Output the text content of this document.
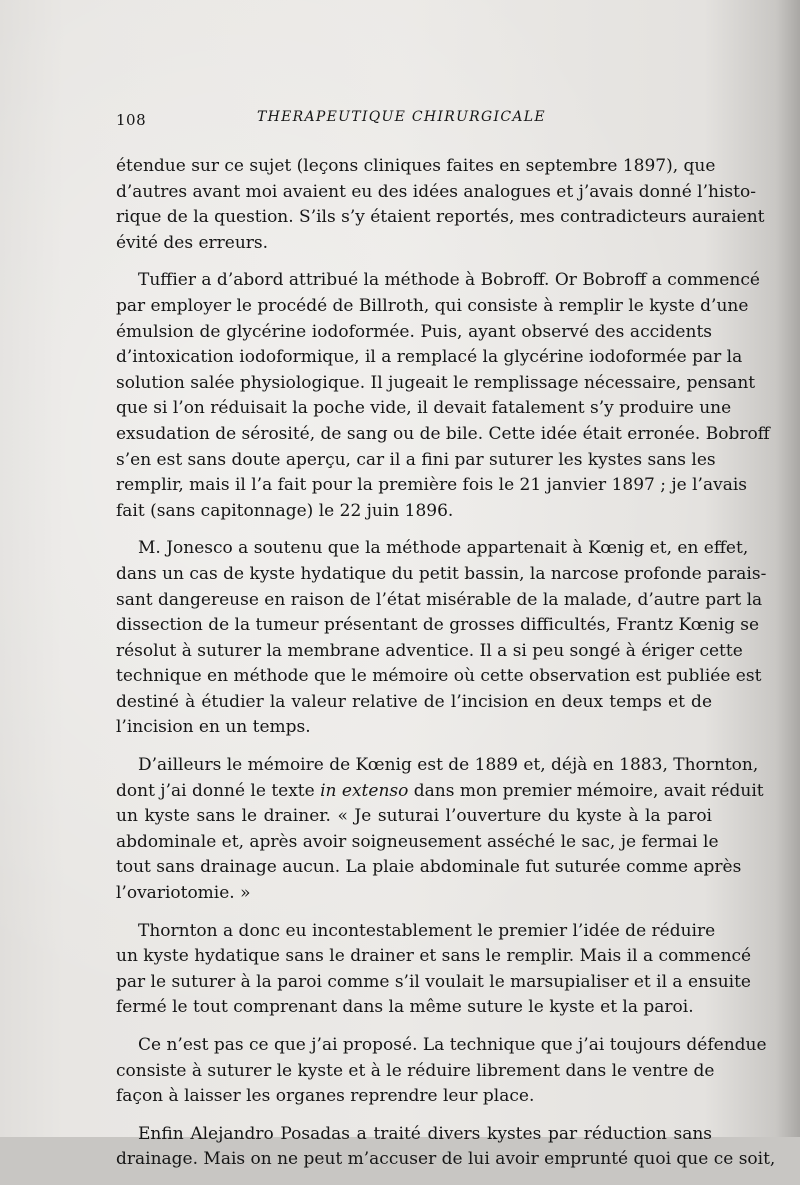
108	THERAPEUTIQUE CHIRURGICALE

étendue sur ce sujet (leçons cliniques faites en septembre 1897), que
d’autres avant moi avaient eu des idées analogues et j’avais donné l’histo-
rique de la question. S’ils s’y étaient reportés, mes contradicteurs auraient
évité des erreurs.

Tuffier a d’abord attribué la méthode à Bobroff. Or Bobroff a commencé
par employer le procédé de Billroth, qui consiste à remplir le kyste d’une
émulsion de glycérine iodoformée. Puis, ayant observé des accidents
d’intoxication iodoformique, il a remplacé la glycérine iodoformée par la
solution salée physiologique. Il jugeait le remplissage nécessaire, pensant
que si l’on réduisait la poche vide, il devait fatalement s’y produire une
exsudation de sérosité, de sang ou de bile. Cette idée était erronée. Bobroff
s’en est sans doute aperçu, car il a fini par suturer les kystes sans les
remplir, mais il l’a fait pour la première fois le 21 janvier 1897 ; je l’avais
fait (sans capitonnage) le 22 juin 1896.

M. Jonesco a soutenu que la méthode appartenait à Kœnig et, en effet,
dans un cas de kyste hydatique du petit bassin, la narcose profonde parais-
sant dangereuse en raison de l’état misérable de la malade, d’autre part la
dissection de la tumeur présentant de grosses difficultés, Frantz Kœnig se
résolut à suturer la membrane adventice. Il a si peu songé à ériger cette
technique en méthode que le mémoire où cette observation est publiée est
destiné à étudier la valeur relative de l’incision en deux temps et de
l’incision en un temps.

D’ailleurs le mémoire de Kœnig est de 1889 et, déjà en 1883, Thornton,
dont j’ai donné le texte in extenso dans mon premier mémoire, avait réduit
un kyste sans le drainer. « Je suturai l’ouverture du kyste à la paroi
abdominale et, après avoir soigneusement asséché le sac, je fermai le
tout sans drainage aucun. La plaie abdominale fut suturée comme après
l’ovariotomie. »

Thornton a donc eu incontestablement le premier l’idée de réduire
un kyste hydatique sans le drainer et sans le remplir. Mais il a commencé
par le suturer à la paroi comme s’il voulait le marsupialiser et il a ensuite
fermé le tout comprenant dans la même suture le kyste et la paroi.

Ce n’est pas ce que j’ai proposé. La technique que j’ai toujours défendue
consiste à suturer le kyste et à le réduire librement dans le ventre de
façon à laisser les organes reprendre leur place.

Enfin Alejandro Posadas a traité divers kystes par réduction sans
drainage. Mais on ne peut m’accuser de lui avoir emprunté quoi que ce soit,
